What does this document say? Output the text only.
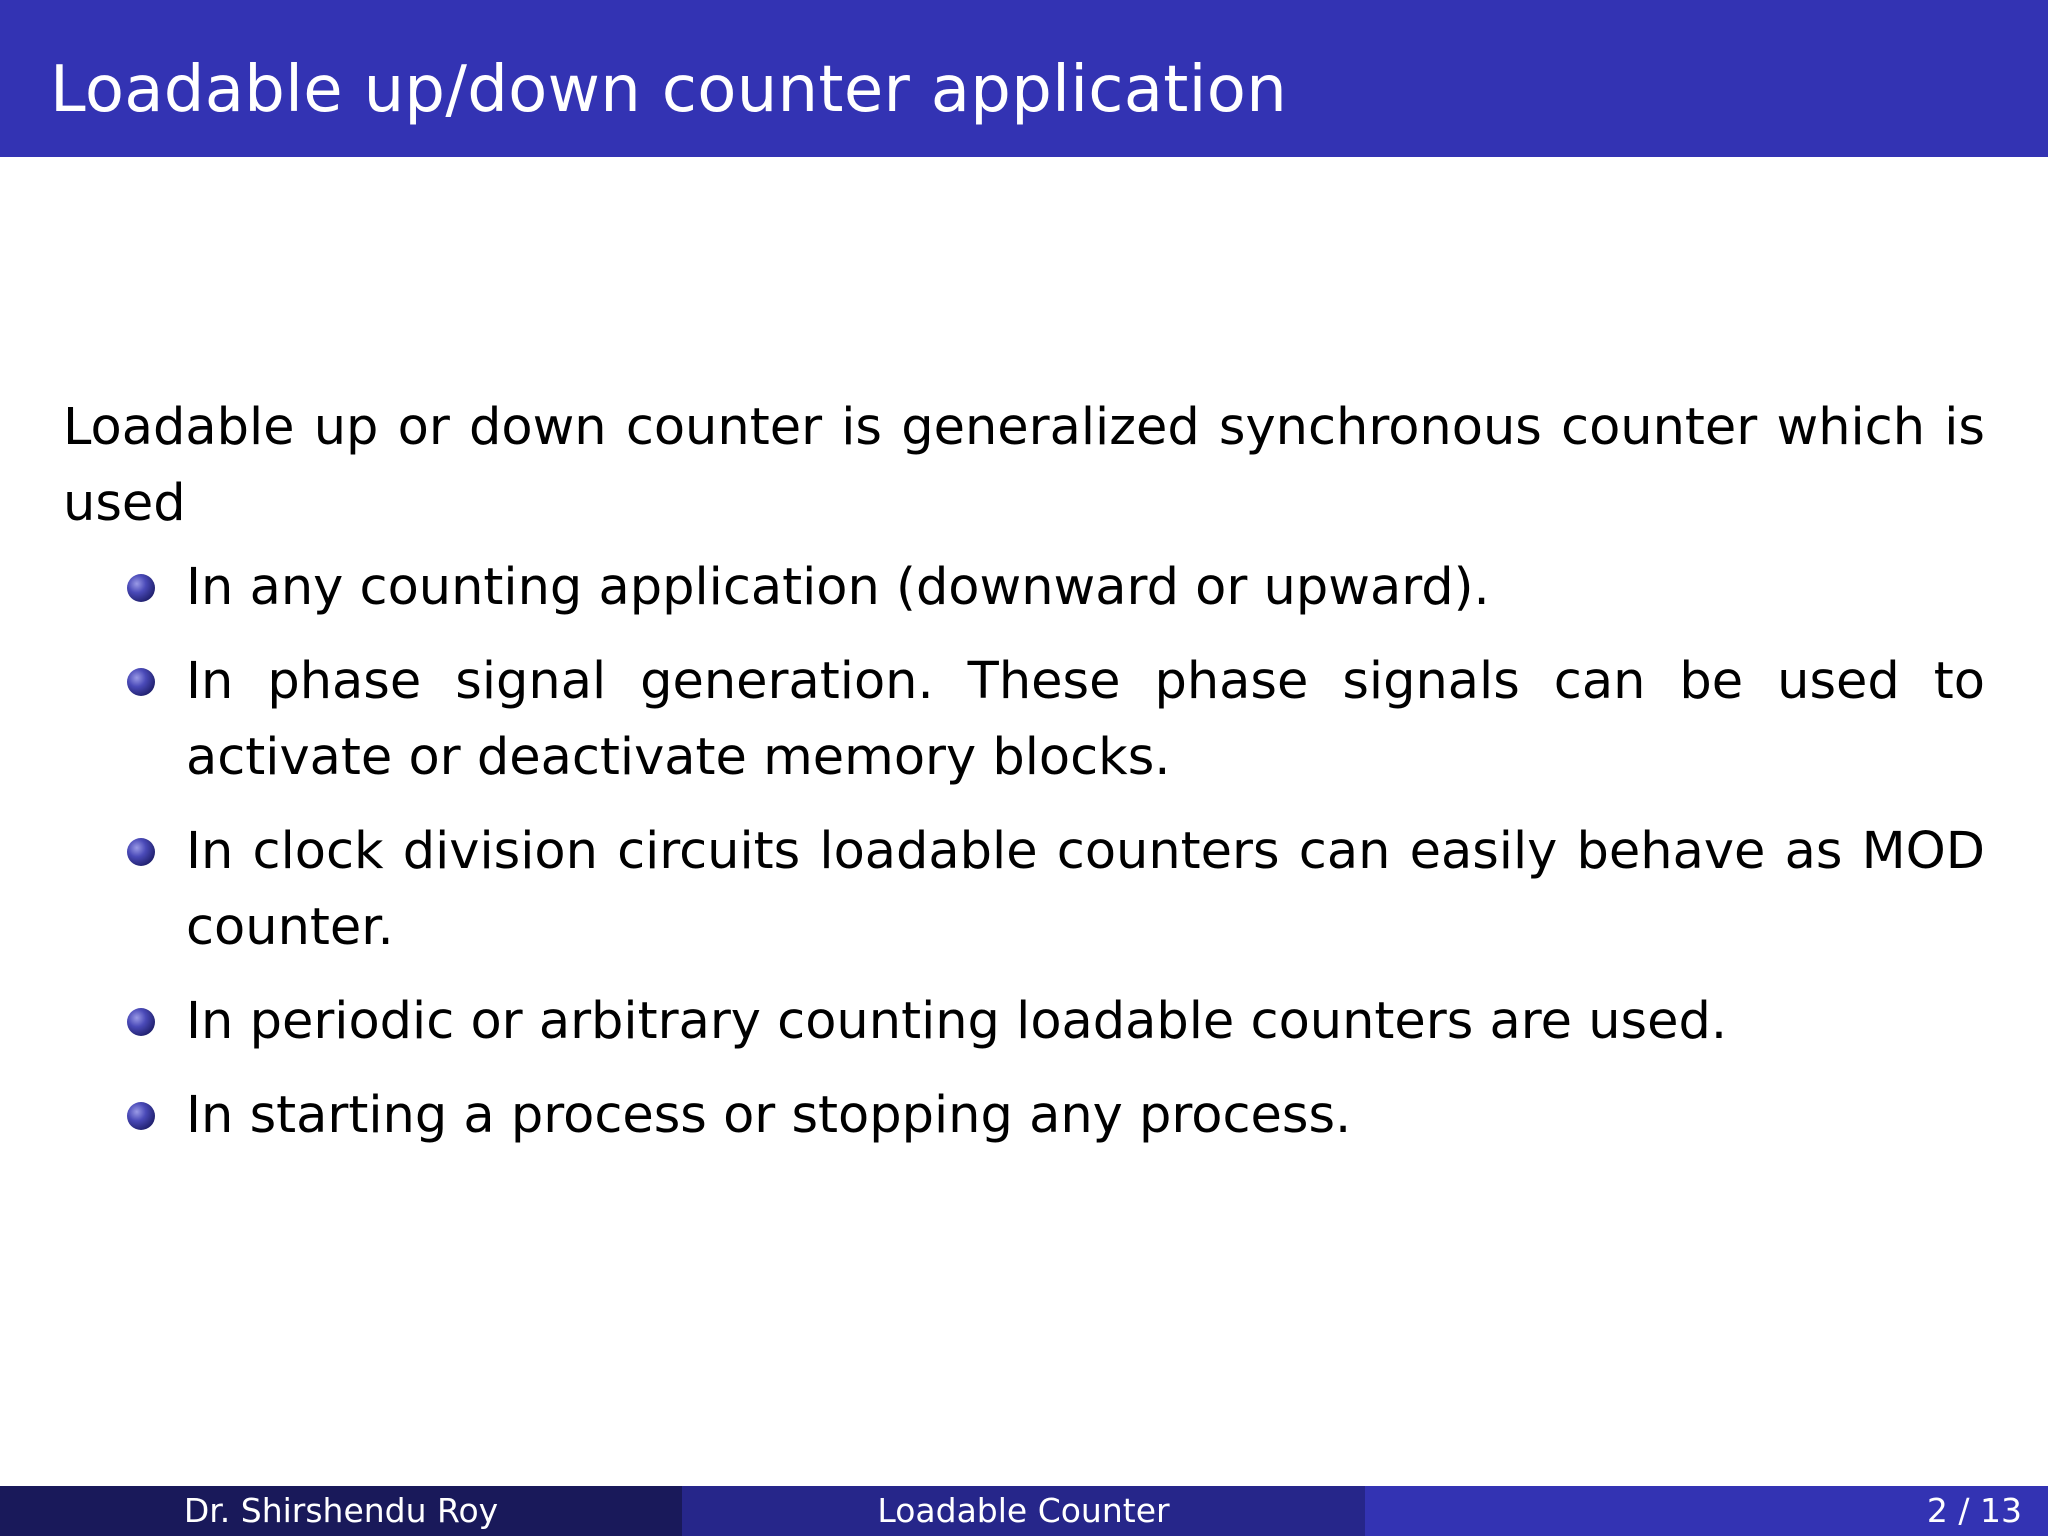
Loadable up/down counter application

Loadable up or down counter is generalized synchronous counter which is used

In any counting application (downward or upward).
In phase signal generation. These phase signals can be used to activate or deactivate memory blocks.
In clock division circuits loadable counters can easily behave as MOD counter.
In periodic or arbitrary counting loadable counters are used.
In starting a process or stopping any process.
Dr. Shirshendu Roy	Loadable Counter	2 / 13
